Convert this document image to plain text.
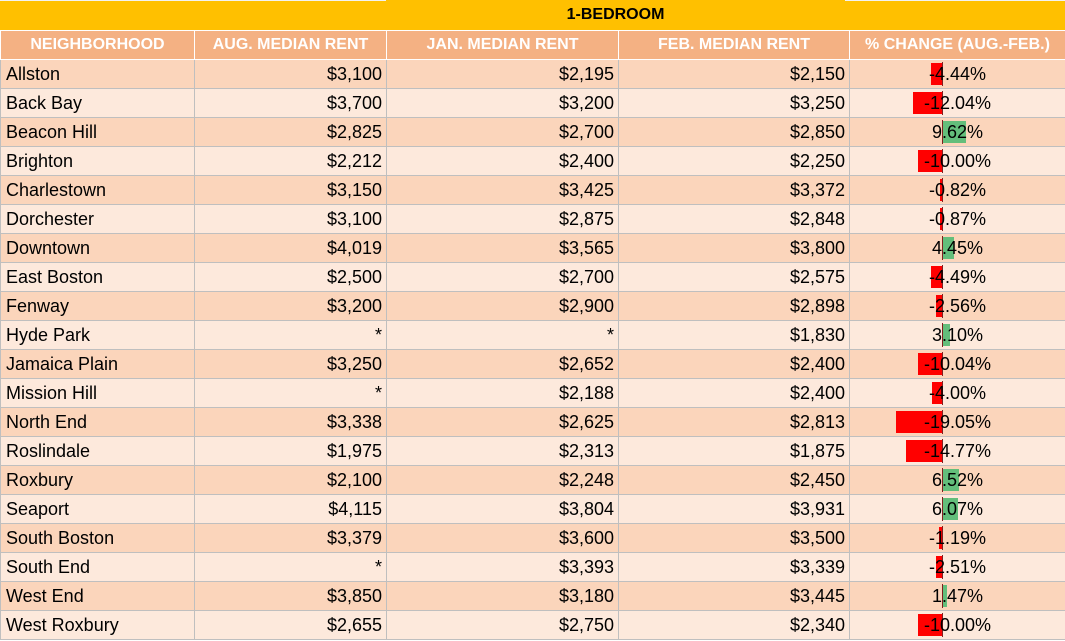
1-BEDROOM
NEIGHBORHOOD	AUG. MEDIAN RENT	JAN. MEDIAN RENT	FEB. MEDIAN RENT	% CHANGE (AUG.-FEB.)
Allston	$3,100	$2,195	$2,150	-4.44%

Back Bay	$3,700	$3,200	$3,250	-12.04%

Beacon Hill	$2,825	$2,700	$2,850	9.62%

Brighton	$2,212	$2,400	$2,250	-10.00%

Charlestown	$3,150	$3,425	$3,372	-0.82%

Dorchester	$3,100	$2,875	$2,848	-0.87%

Downtown	$4,019	$3,565	$3,800	4.45%

East Boston	$2,500	$2,700	$2,575	-4.49%

Fenway	$3,200	$2,900	$2,898	-2.56%

Hyde Park	*	*	$1,830	3.10%

Jamaica Plain	$3,250	$2,652	$2,400	-10.04%

Mission Hill	*	$2,188	$2,400	-4.00%

North End	$3,338	$2,625	$2,813	-19.05%

Roslindale	$1,975	$2,313	$1,875	-14.77%

Roxbury	$2,100	$2,248	$2,450	6.52%

Seaport	$4,115	$3,804	$3,931	6.07%

South Boston	$3,379	$3,600	$3,500	-1.19%

South End	*	$3,393	$3,339	-2.51%

West End	$3,850	$3,180	$3,445	1.47%

West Roxbury	$2,655	$2,750	$2,340	-10.00%
